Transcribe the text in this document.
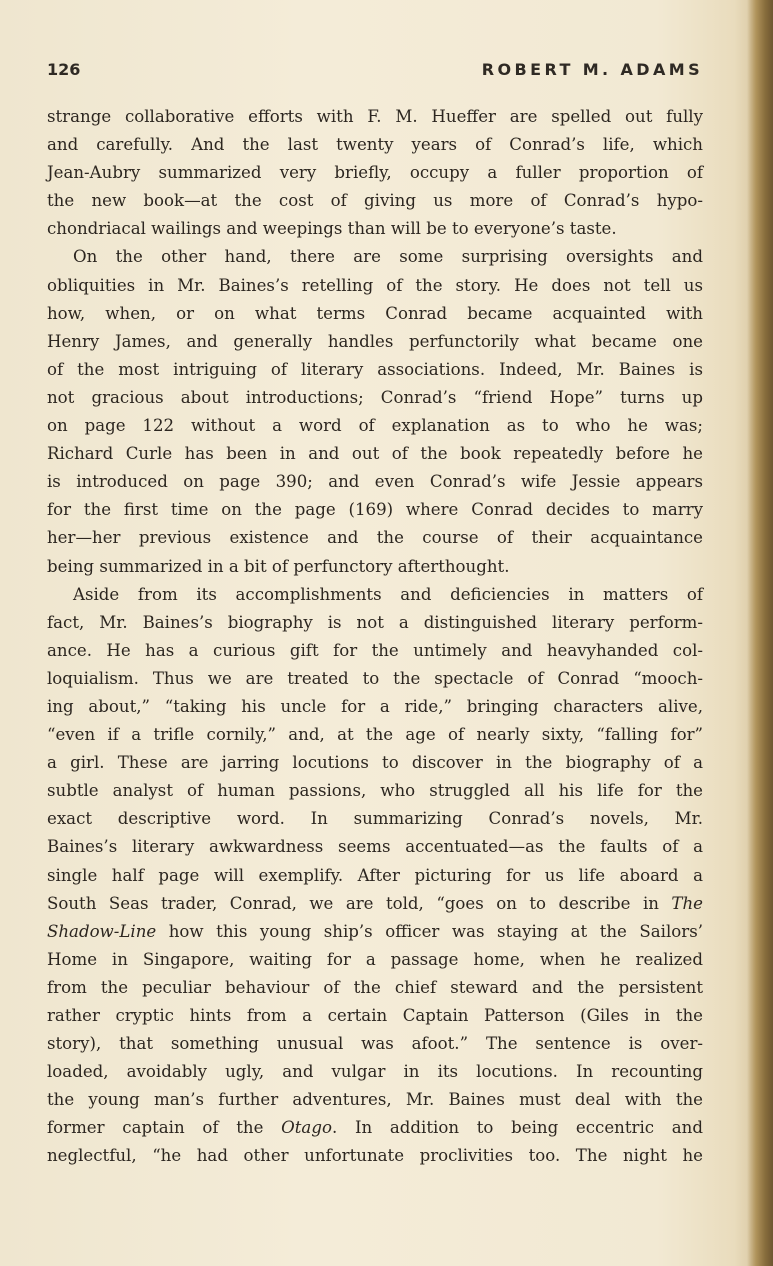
126	ROBERT M. ADAMS

strange collaborative efforts with F. M. Hueffer are spelled out fully
and carefully. And the last twenty years of Conrad’s life, which
Jean-Aubry summarized very briefly, occupy a fuller proportion of
the new book—at the cost of giving us more of Conrad’s hypo-
chondriacal wailings and weepings than will be to everyone’s taste.

On the other hand, there are some surprising oversights and
obliquities in Mr. Baines’s retelling of the story. He does not tell us
how, when, or on what terms Conrad became acquainted with
Henry James, and generally handles perfunctorily what became one
of the most intriguing of literary associations. Indeed, Mr. Baines is
not gracious about introductions; Conrad’s “friend Hope” turns up
on page 122 without a word of explanation as to who he was;
Richard Curle has been in and out of the book repeatedly before he
is introduced on page 390; and even Conrad’s wife Jessie appears
for the first time on the page (169) where Conrad decides to marry
her—her previous existence and the course of their acquaintance
being summarized in a bit of perfunctory afterthought.

Aside from its accomplishments and deficiencies in matters of
fact, Mr. Baines’s biography is not a distinguished literary perform-
ance. He has a curious gift for the untimely and heavyhanded col-
loquialism. Thus we are treated to the spectacle of Conrad “mooch-
ing about,” “taking his uncle for a ride,” bringing characters alive,
“even if a trifle cornily,” and, at the age of nearly sixty, “falling for”
a girl. These are jarring locutions to discover in the biography of a
subtle analyst of human passions, who struggled all his life for the
exact descriptive word. In summarizing Conrad’s novels, Mr.
Baines’s literary awkwardness seems accentuated—as the faults of a
single half page will exemplify. After picturing for us life aboard a
South Seas trader, Conrad, we are told, “goes on to describe in The
Shadow-Line how this young ship’s officer was staying at the Sailors’
Home in Singapore, waiting for a passage home, when he realized
from the peculiar behaviour of the chief steward and the persistent
rather cryptic hints from a certain Captain Patterson (Giles in the
story), that something unusual was afoot.” The sentence is over-
loaded, avoidably ugly, and vulgar in its locutions. In recounting
the young man’s further adventures, Mr. Baines must deal with the
former captain of the Otago. In addition to being eccentric and
neglectful, “he had other unfortunate proclivities too. The night he
